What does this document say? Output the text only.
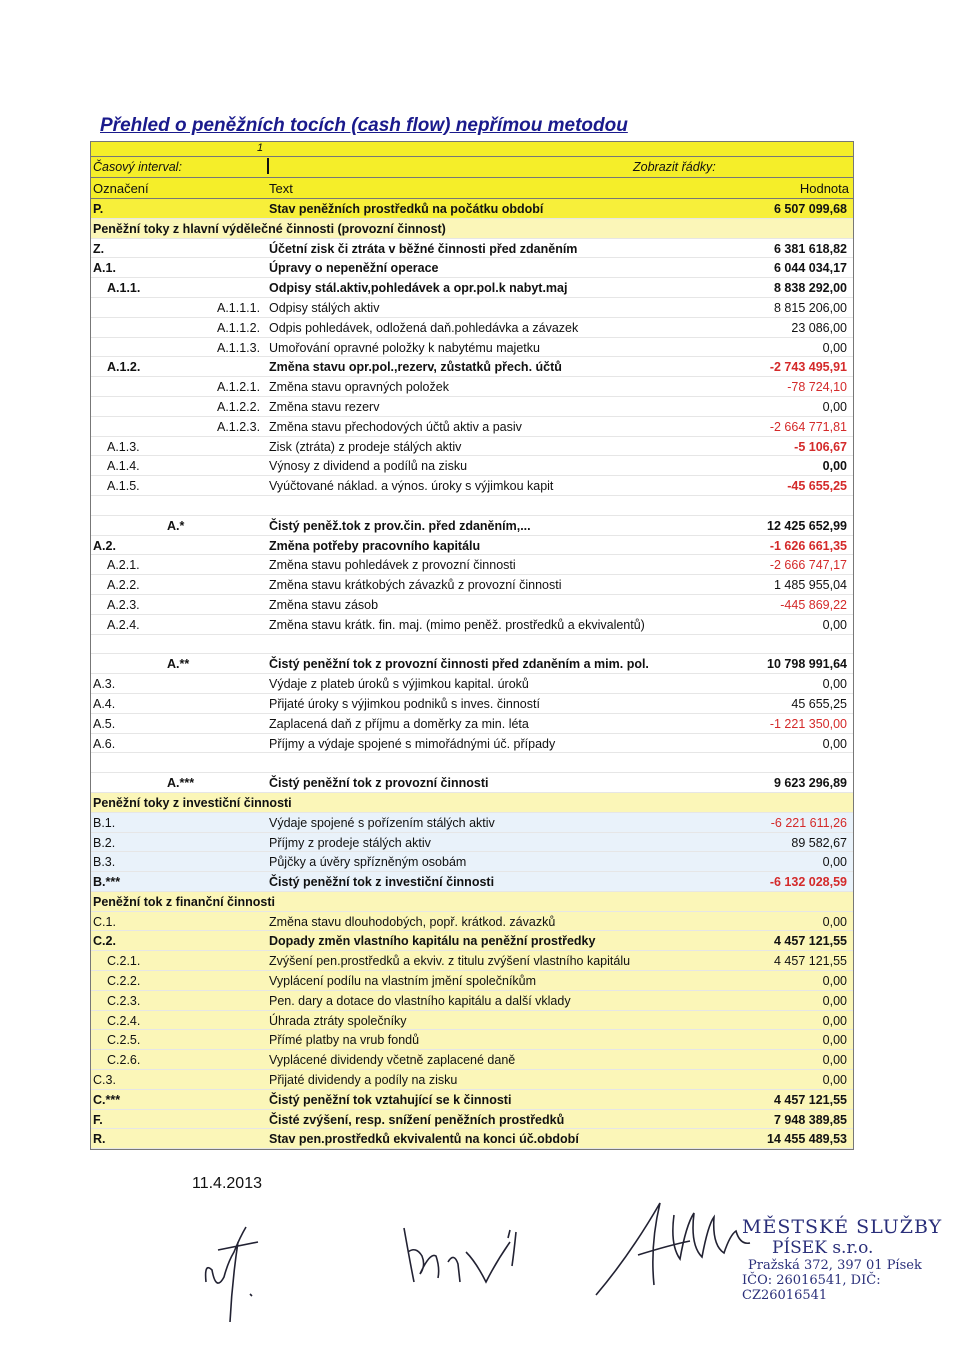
Přehled o peněžních tocích (cash flow) nepřímou metodou
1
Časový interval:	Zobrazit řádky:
Označení	Text	Hodnota
P.	Stav peněžních prostředků na počátku období	6 507 099,68
Peněžní toky z hlavní výdělečné činnosti (provozní činnost)
Z.	Účetní zisk či ztráta v běžné činnosti před zdaněním	6 381 618,82
A.1.	Úpravy o nepeněžní operace	6 044 034,17
A.1.1.	Odpisy stál.aktiv,pohledávek a opr.pol.k nabyt.maj	8 838 292,00
A.1.1.1. Odpisy stálých aktiv	8 815 206,00
A.1.1.2. Odpis pohledávek, odložená daň.pohledávka a závazek	23 086,00
A.1.1.3. Umořování opravné položky k nabytému majetku	0,00
A.1.2.	Změna stavu opr.pol.,rezerv, zůstatků přech. účtů	-2 743 495,91
A.1.2.1. Změna stavu opravných položek	-78 724,10
A.1.2.2. Změna stavu rezerv	0,00
A.1.2.3. Změna stavu přechodových účtů aktiv a pasiv	-2 664 771,81
A.1.3.	Zisk (ztráta) z prodeje stálých aktiv	-5 106,67
A.1.4.	Výnosy z dividend a podílů na zisku	0,00
A.1.5.	Vyúčtované náklad. a výnos. úroky s výjimkou kapit	-45 655,25
A.*	Čistý peněž.tok z prov.čin. před zdaněním,...	12 425 652,99
A.2.	Změna potřeby pracovního kapitálu	-1 626 661,35
A.2.1.	Změna stavu pohledávek z provozní činnosti	-2 666 747,17
A.2.2.	Změna stavu krátkobých závazků z provozní činnosti	1 485 955,04
A.2.3.	Změna stavu zásob	-445 869,22
A.2.4.	Změna stavu krátk. fin. maj. (mimo peněž. prostředků a ekvivalentů)	0,00
A.**	Čistý peněžní tok z provozní činnosti před zdaněním a mim. pol.	10 798 991,64
A.3.	Výdaje z plateb úroků s výjimkou kapital. úroků	0,00
A.4.	Přijaté úroky s výjimkou podniků s inves. činností	45 655,25
A.5.	Zaplacená daň z příjmu a doměrky za min. léta	-1 221 350,00
A.6.	Příjmy a výdaje spojené s mimořádnými úč. případy	0,00
A.***	Čistý peněžní tok z provozní činnosti	9 623 296,89
Peněžní toky z investiční činnosti
B.1.	Výdaje spojené s pořízením stálých aktiv	-6 221 611,26
B.2.	Příjmy z prodeje stálých aktiv	89 582,67
B.3.	Půjčky a úvěry spřízněným osobám	0,00
B.***	Čistý peněžní tok z investiční činnosti	-6 132 028,59
Peněžní tok z finanční činnosti
C.1.	Změna stavu dlouhodobých, popř. krátkod. závazků	0,00
C.2.	Dopady změn vlastního kapitálu na peněžní prostředky	4 457 121,55
C.2.1.	Zvýšení pen.prostředků a ekviv. z titulu zvýšení vlastního kapitálu	4 457 121,55
C.2.2.	Vyplácení podílu na vlastním jmění společníkům	0,00
C.2.3.	Pen. dary a dotace do vlastního kapitálu a další vklady	0,00
C.2.4.	Úhrada ztráty společníky	0,00
C.2.5.	Přímé platby na vrub fondů	0,00
C.2.6.	Vyplácené dividendy včetně zaplacené daně	0,00
C.3.	Přijaté dividendy a podíly na zisku	0,00
C.***	Čistý peněžní tok vztahující se k činnosti	4 457 121,55
F.	Čisté zvýšení, resp. snížení peněžních prostředků	7 948 389,85
R.	Stav pen.prostředků ekvivalentů na konci úč.období	14 455 489,53
11.4.2013
MĚSTSKÉ SLUŽBY
PÍSEK s.r.o.
Pražská 372, 397 01 Písek
IČO: 26016541, DIČ: CZ26016541
